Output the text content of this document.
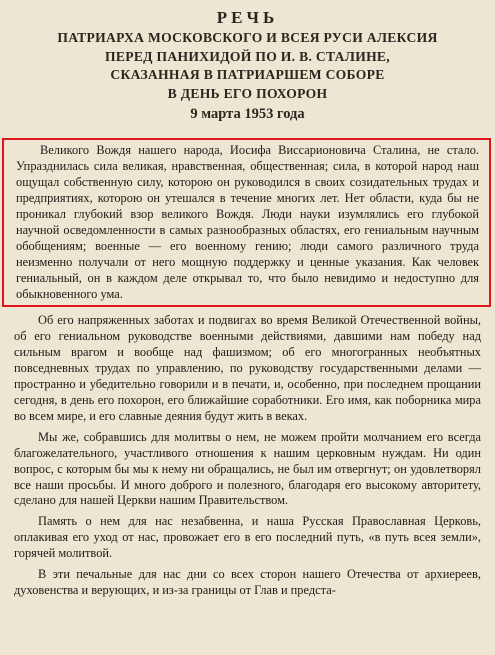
РЕЧЬ
ПАТРИАРХА МОСКОВСКОГО И ВСЕЯ РУСИ АЛЕКСИЯ
ПЕРЕД ПАНИХИДОЙ ПО И. В. СТАЛИНЕ,
СКАЗАННАЯ В ПАТРИАРШЕМ СОБОРЕ
В ДЕНЬ ЕГО ПОХОРОН
9 марта 1953 года

Великого Вождя нашего народа, Иосифа Виссарионовича Сталина, не стало. Упразднилась сила великая, нравственная, общественная; сила, в которой народ наш ощущал собственную силу, которою он руководился в своих созидательных трудах и предприятиях, которою он утешался в течение многих лет. Нет области, куда бы не проникал глубокий взор великого Вождя. Люди науки изумлялись его глубокой научной осведомленности в самых разнообразных областях, его гениальным научным обобщениям; военные — его военному гению; люди самого различного труда неизменно получали от него мощную поддержку и ценные указания. Как человек гениальный, он в каждом деле открывал то, что было невидимо и недоступно для обыкновенного ума.

Об его напряженных заботах и подвигах во время Великой Отечественной войны, об его гениальном руководстве военными действиями, давшими нам победу над сильным врагом и вообще над фашизмом; об его многогранных необъятных повседневных трудах по управлению, по руководству государственными делами — пространно и убедительно говорили и в печати, и, особенно, при последнем прощании сегодня, в день его похорон, его ближайшие соработники. Его имя, как поборника мира во всем мире, и его славные деяния будут жить в веках.

Мы же, собравшись для молитвы о нем, не можем пройти молчанием его всегда благожелательного, участливого отношения к нашим церковным нуждам. Ни один вопрос, с которым бы мы к нему ни обращались, не был им отвергнут; он удовлетворял все наши просьбы. И много доброго и полезного, благодаря его высокому авторитету, сделано для нашей Церкви нашим Правительством.

Память о нем для нас незабвенна, и наша Русская Православная Церковь, оплакивая его уход от нас, провожает его в его последний путь, «в путь всея земли», горячей молитвой.

В эти печальные для нас дни со всех сторон нашего Отечества от архиереев, духовенства и верующих, и из-за границы от Глав и предста-
